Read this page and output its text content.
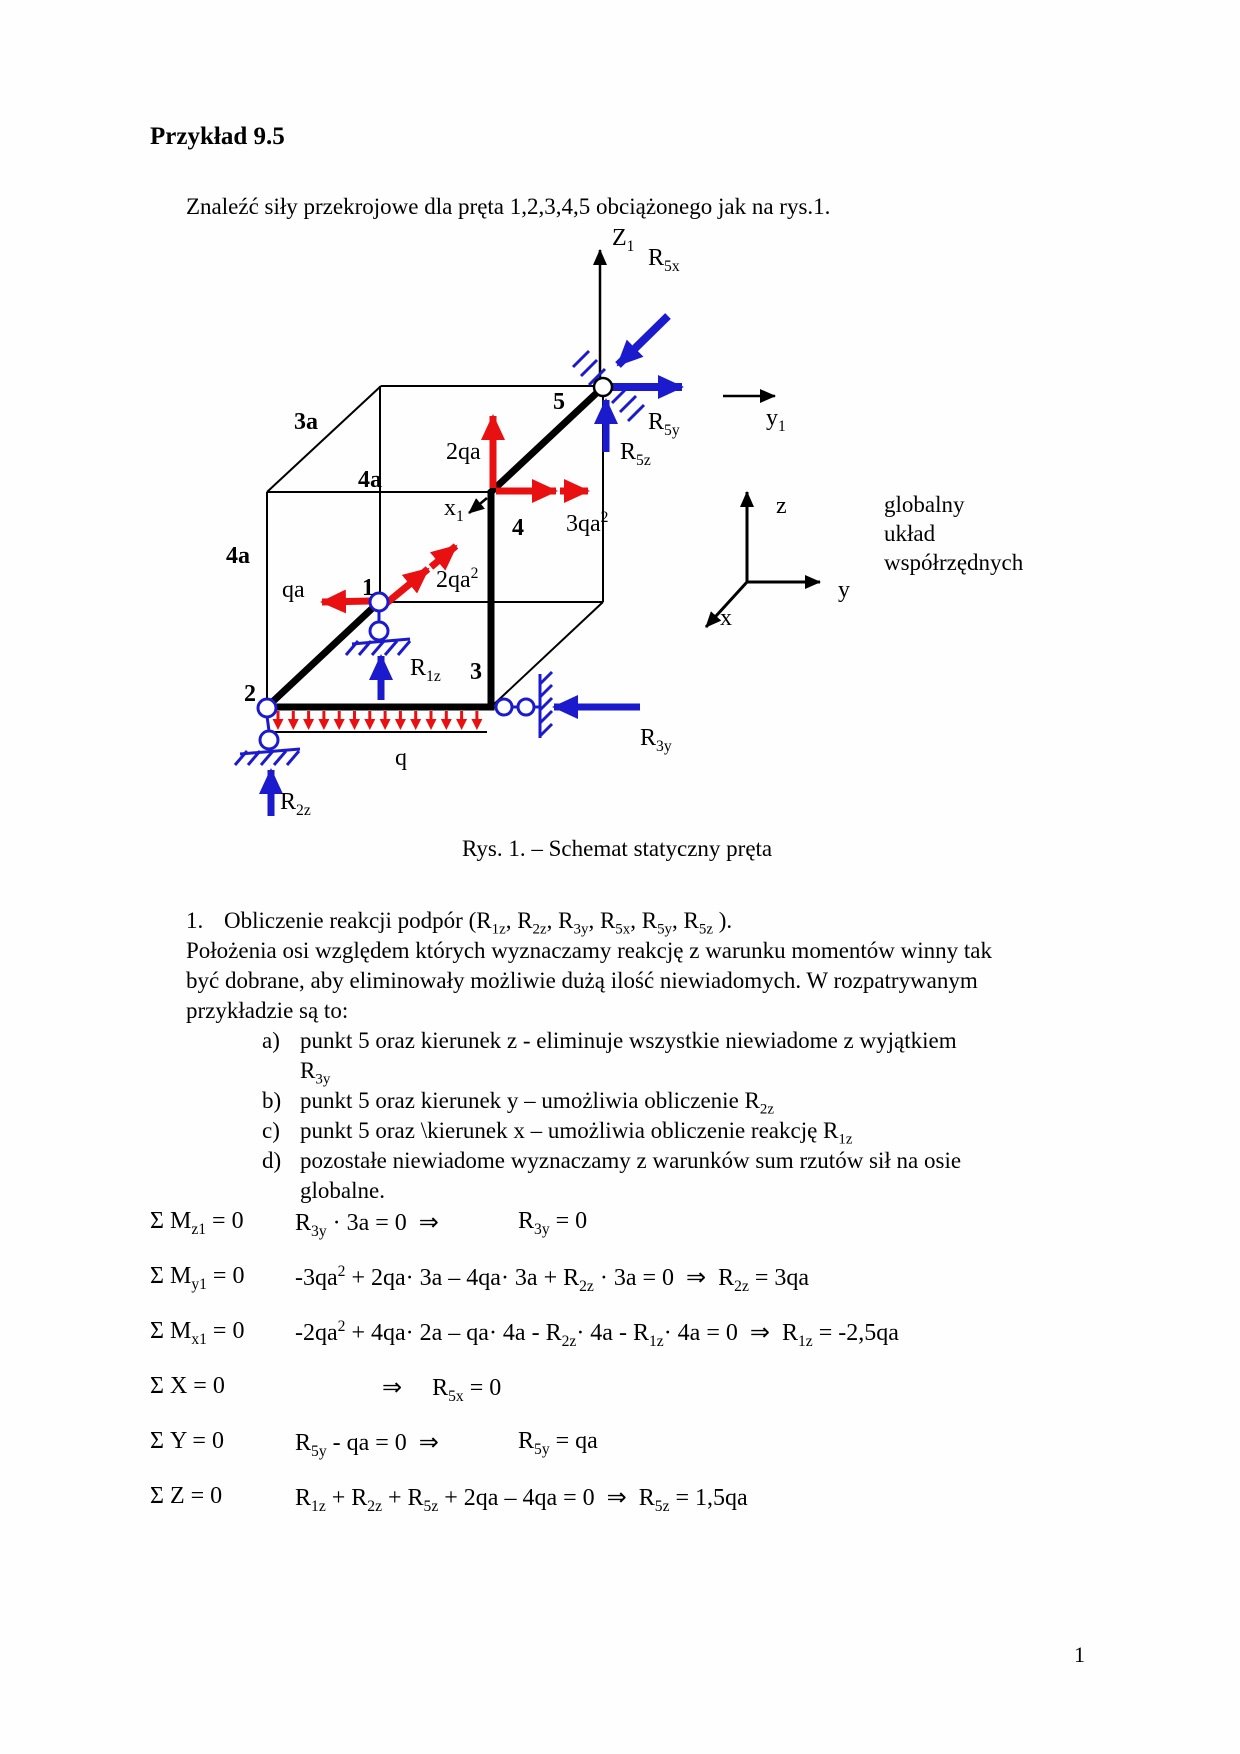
Przykład 9.5
Znaleźć siły przekrojowe dla pręta 1,2,3,4,5 obciążonego jak na rys.1.
$Z_1$ $R_{5x}$
5
$R_{5y}$	$y_1$
$R_{5z}$
2qa
3a
4a
$x_1$ 4 $3qa^2$
4a
qa 1	$2qa^2$
$R_{1z}$ 3
2
q
$R_{2z}$
$R_{3y}$
z
y
x
globalny
układ
współrzędnych
Rys. 1. – Schemat statyczny pręta
1. Obliczenie reakcji podpór ($R_{1z}$, $R_{2z}$, $R_{3y}$, $R_{5x}$, $R_{5y}$, $R_{5z}$ ).
Położenia osi względem których wyznaczamy reakcję z warunku momentów winny tak być dobrane, aby eliminowały możliwie dużą ilość niewiadomych. W rozpatrywanym przykładzie są to:
a) punkt 5 oraz kierunek z - eliminuje wszystkie niewiadome z wyjątkiem $R_{3y}$
b) punkt 5 oraz kierunek y – umożliwia obliczenie $R_{2z}$
c) punkt 5 oraz \kierunek x – umożliwia obliczenie reakcję $R_{1z}$
d) pozostałe niewiadome wyznaczamy z warunków sum rzutów sił na osie globalne.
Σ $M_{z1} = 0$ $R_{3y} \cdot 3a = 0$  ⇒	$R_{3y} = 0$
Σ $M_{y1} = 0$ $-3qa^2 + 2qa\cdot 3a - 4qa\cdot 3a + R_{2z} \cdot 3a = 0$  ⇒  $R_{2z} = 3qa$
Σ $M_{x1} = 0$ $-2qa^2 + 4qa\cdot 2a - qa\cdot 4a - R_{2z}\cdot 4a - R_{1z}\cdot 4a = 0$  ⇒  $R_{1z} = -2,5qa$
Σ X = 0	⇒     $R_{5x} = 0$
Σ Y = 0	$R_{5y}$ - qa = 0  ⇒	$R_{5y}$ = qa
Σ Z = 0	$R_{1z} + R_{2z} + R_{5z} + 2qa - 4qa = 0$  ⇒  $R_{5z} = 1,5qa$
1
